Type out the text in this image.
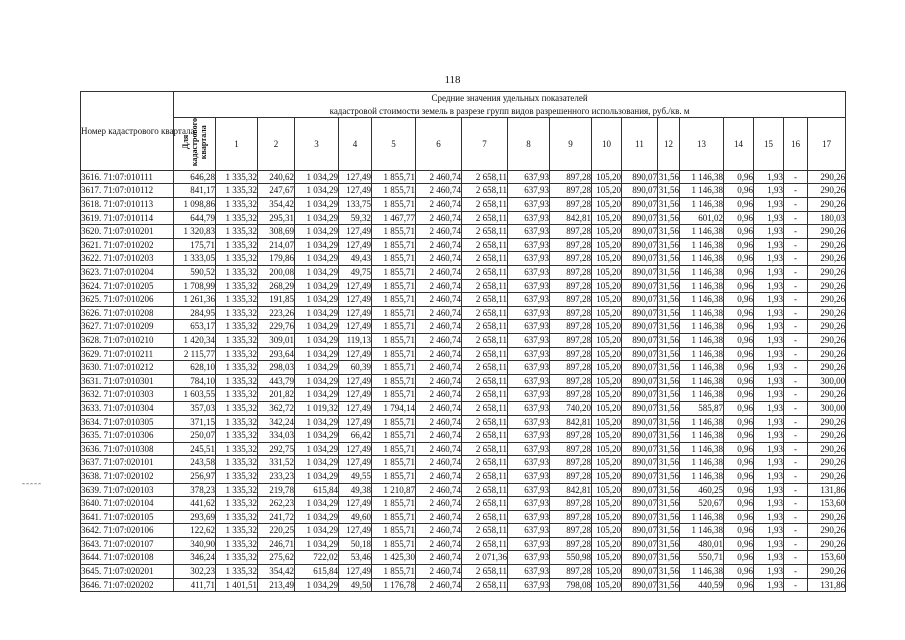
118
-----
Номер кадастрового квартала	Средние значения удельных показателей
кадастровой стоимости земель в разрезе групп видов разрешенного использования, руб./кв. м																	

	Для кадастрового квартала	1	2	3	4	5	6	7	8	9	10	11	12	13	14	15	16	17
3616. 71:07:010111	646,28	1 335,32	240,62	1 034,29	127,49	1 855,71	2 460,74	2 658,11	637,93	897,28	105,20	890,07	31,56	1 146,38	0,96	1,93	-	290,26
3617. 71:07:010112	841,17	1 335,32	247,67	1 034,29	127,49	1 855,71	2 460,74	2 658,11	637,93	897,28	105,20	890,07	31,56	1 146,38	0,96	1,93	-	290,26
3618. 71:07:010113	1 098,86	1 335,32	354,42	1 034,29	133,75	1 855,71	2 460,74	2 658,11	637,93	897,28	105,20	890,07	31,56	1 146,38	0,96	1,93	-	290,26
3619. 71:07:010114	644,79	1 335,32	295,31	1 034,29	59,32	1 467,77	2 460,74	2 658,11	637,93	842,81	105,20	890,07	31,56	601,02	0,96	1,93	-	180,03
3620. 71:07:010201	1 320,83	1 335,32	308,69	1 034,29	127,49	1 855,71	2 460,74	2 658,11	637,93	897,28	105,20	890,07	31,56	1 146,38	0,96	1,93	-	290,26
3621. 71:07:010202	175,71	1 335,32	214,07	1 034,29	127,49	1 855,71	2 460,74	2 658,11	637,93	897,28	105,20	890,07	31,56	1 146,38	0,96	1,93	-	290,26
3622. 71:07:010203	1 333,05	1 335,32	179,86	1 034,29	49,43	1 855,71	2 460,74	2 658,11	637,93	897,28	105,20	890,07	31,56	1 146,38	0,96	1,93	-	290,26
3623. 71:07:010204	590,52	1 335,32	200,08	1 034,29	49,75	1 855,71	2 460,74	2 658,11	637,93	897,28	105,20	890,07	31,56	1 146,38	0,96	1,93	-	290,26
3624. 71:07:010205	1 708,99	1 335,32	268,29	1 034,29	127,49	1 855,71	2 460,74	2 658,11	637,93	897,28	105,20	890,07	31,56	1 146,38	0,96	1,93	-	290,26
3625. 71:07:010206	1 261,36	1 335,32	191,85	1 034,29	127,49	1 855,71	2 460,74	2 658,11	637,93	897,28	105,20	890,07	31,56	1 146,38	0,96	1,93	-	290,26
3626. 71:07:010208	284,95	1 335,32	223,26	1 034,29	127,49	1 855,71	2 460,74	2 658,11	637,93	897,28	105,20	890,07	31,56	1 146,38	0,96	1,93	-	290,26
3627. 71:07:010209	653,17	1 335,32	229,76	1 034,29	127,49	1 855,71	2 460,74	2 658,11	637,93	897,28	105,20	890,07	31,56	1 146,38	0,96	1,93	-	290,26
3628. 71:07:010210	1 420,34	1 335,32	309,01	1 034,29	119,13	1 855,71	2 460,74	2 658,11	637,93	897,28	105,20	890,07	31,56	1 146,38	0,96	1,93	-	290,26
3629. 71:07:010211	2 115,77	1 335,32	293,64	1 034,29	127,49	1 855,71	2 460,74	2 658,11	637,93	897,28	105,20	890,07	31,56	1 146,38	0,96	1,93	-	290,26
3630. 71:07:010212	628,10	1 335,32	298,03	1 034,29	60,39	1 855,71	2 460,74	2 658,11	637,93	897,28	105,20	890,07	31,56	1 146,38	0,96	1,93	-	290,26
3631. 71:07:010301	784,10	1 335,32	443,79	1 034,29	127,49	1 855,71	2 460,74	2 658,11	637,93	897,28	105,20	890,07	31,56	1 146,38	0,96	1,93	-	300,00
3632. 71:07:010303	1 603,55	1 335,32	201,82	1 034,29	127,49	1 855,71	2 460,74	2 658,11	637,93	897,28	105,20	890,07	31,56	1 146,38	0,96	1,93	-	290,26
3633. 71:07:010304	357,03	1 335,32	362,72	1 019,32	127,49	1 794,14	2 460,74	2 658,11	637,93	740,20	105,20	890,07	31,56	585,87	0,96	1,93	-	300,00
3634. 71:07:010305	371,15	1 335,32	342,24	1 034,29	127,49	1 855,71	2 460,74	2 658,11	637,93	842,81	105,20	890,07	31,56	1 146,38	0,96	1,93	-	290,26
3635. 71:07:010306	250,07	1 335,32	334,03	1 034,29	66,42	1 855,71	2 460,74	2 658,11	637,93	897,28	105,20	890,07	31,56	1 146,38	0,96	1,93	-	290,26
3636. 71:07:010308	245,51	1 335,32	292,75	1 034,29	127,49	1 855,71	2 460,74	2 658,11	637,93	897,28	105,20	890,07	31,56	1 146,38	0,96	1,93	-	290,26
3637. 71:07:020101	243,58	1 335,32	331,52	1 034,29	127,49	1 855,71	2 460,74	2 658,11	637,93	897,28	105,20	890,07	31,56	1 146,38	0,96	1,93	-	290,26
3638. 71:07:020102	256,97	1 335,32	233,23	1 034,29	49,55	1 855,71	2 460,74	2 658,11	637,93	897,28	105,20	890,07	31,56	1 146,38	0,96	1,93	-	290,26
3639. 71:07:020103	378,23	1 335,32	219,78	615,84	49,38	1 210,87	2 460,74	2 658,11	637,93	842,81	105,20	890,07	31,56	460,25	0,96	1,93	-	131,86
3640. 71:07:020104	441,62	1 335,32	262,23	1 034,29	127,49	1 855,71	2 460,74	2 658,11	637,93	897,28	105,20	890,07	31,56	520,67	0,96	1,93	-	153,60
3641. 71:07:020105	293,69	1 335,32	241,72	1 034,29	49,60	1 855,71	2 460,74	2 658,11	637,93	897,28	105,20	890,07	31,56	1 146,38	0,96	1,93	-	290,26
3642. 71:07:020106	122,62	1 335,32	220,25	1 034,29	127,49	1 855,71	2 460,74	2 658,11	637,93	897,28	105,20	890,07	31,56	1 146,38	0,96	1,93	-	290,26
3643. 71:07:020107	340,90	1 335,32	246,71	1 034,29	50,18	1 855,71	2 460,74	2 658,11	637,93	897,28	105,20	890,07	31,56	480,01	0,96	1,93	-	290,26
3644. 71:07:020108	346,24	1 335,32	275,62	722,02	53,46	1 425,30	2 460,74	2 071,36	637,93	550,98	105,20	890,07	31,56	550,71	0,96	1,93	-	153,60
3645. 71:07:020201	302,23	1 335,32	354,42	615,84	127,49	1 855,71	2 460,74	2 658,11	637,93	897,28	105,20	890,07	31,56	1 146,38	0,96	1,93	-	290,26
3646. 71:07:020202	411,71	1 401,51	213,49	1 034,29	49,50	1 176,78	2 460,74	2 658,11	637,93	798,08	105,20	890,07	31,56	440,59	0,96	1,93	-	131,86
